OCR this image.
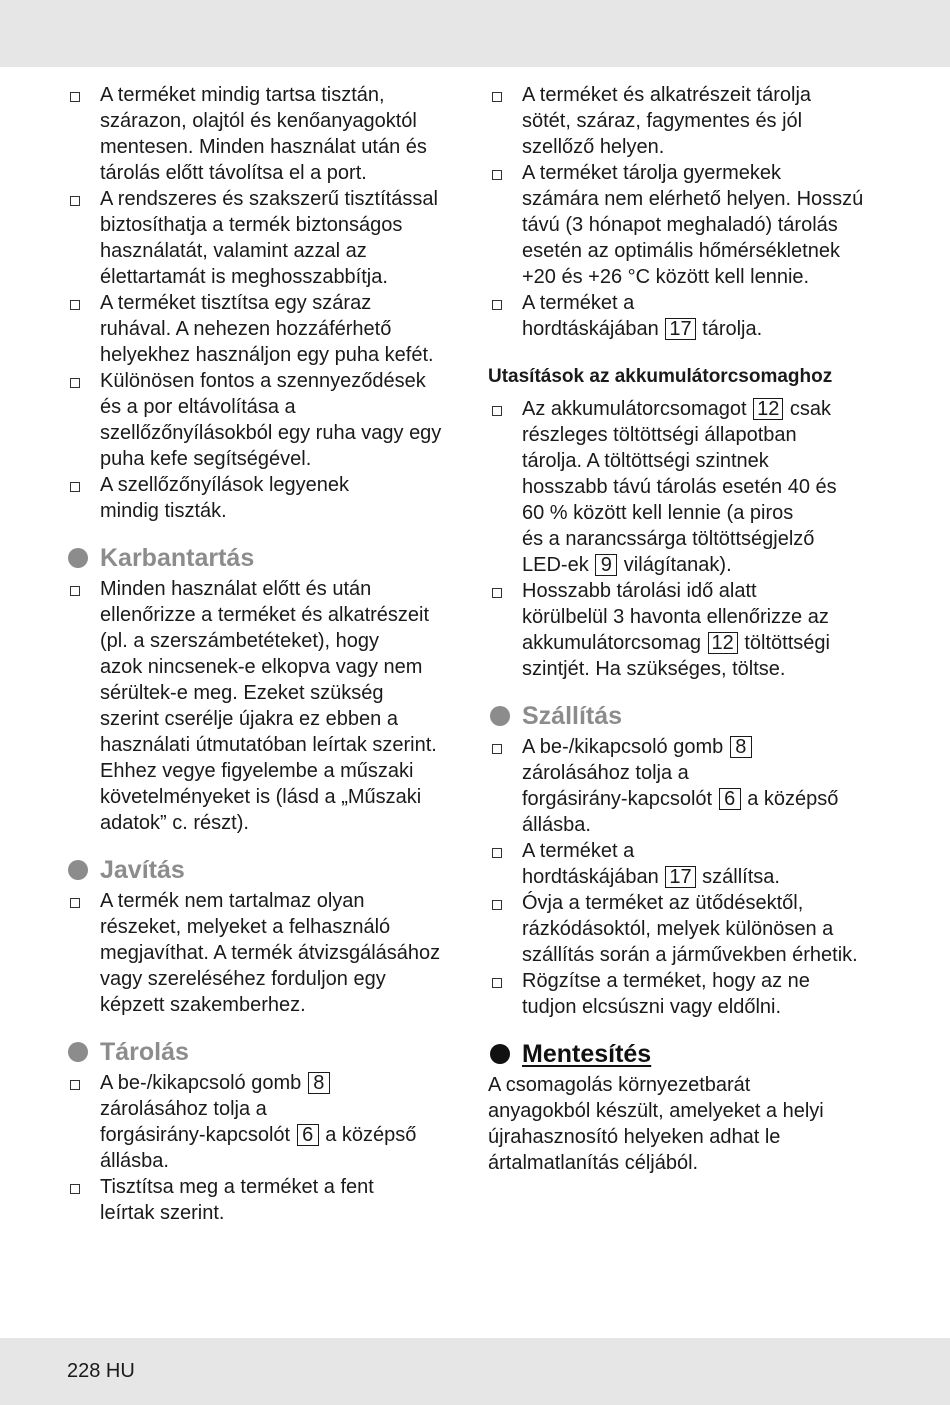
A terméket mindig tartsa tisztán,
szárazon, olajtól és kenőanyagoktól
mentesen. Minden használat után és
tárolás előtt távolítsa el a port.
A rendszeres és szakszerű tisztítással
biztosíthatja a termék biztonságos
használatát, valamint azzal az
élettartamát is meghosszabbítja.
A terméket tisztítsa egy száraz
ruhával. A nehezen hozzáférhető
helyekhez használjon egy puha kefét.
Különösen fontos a szennyeződések
és a por eltávolítása a
szellőzőnyílásokból egy ruha vagy egy
puha kefe segítségével.
A szellőzőnyílások legyenek
mindig tiszták.
Karbantartás
Minden használat előtt és után
ellenőrizze a terméket és alkatrészeit
(pl. a szerszámbetéteket), hogy
azok nincsenek-e elkopva vagy nem
sérültek-e meg. Ezeket szükség
szerint cserélje újakra ez ebben a
használati útmutatóban leírtak szerint.
Ehhez vegye figyelembe a műszaki
követelményeket is (lásd a „Műszaki
adatok” c. részt).
Javítás
A termék nem tartalmaz olyan
részeket, melyeket a felhasználó
megjavíthat. A termék átvizsgálásához
vagy szereléséhez forduljon egy
képzett szakemberhez.
Tárolás
A be-/kikapcsoló gomb 8
zárolásához tolja a
forgásirány-kapcsolót 6 a középső
állásba.
Tisztítsa meg a terméket a fent
leírtak szerint.
A terméket és alkatrészeit tárolja
sötét, száraz, fagymentes és jól
szellőző helyen.
A terméket tárolja gyermekek
számára nem elérhető helyen. Hosszú
távú (3 hónapot meghaladó) tárolás
esetén az optimális hőmérsékletnek
+20 és +26 °C között kell lennie.
A terméket a
hordtáskájában 17 tárolja.
Utasítások az akkumulátorcsomaghoz
Az akkumulátorcsomagot 12 csak
részleges töltöttségi állapotban
tárolja. A töltöttségi szintnek
hosszabb távú tárolás esetén 40 és
60 % között kell lennie (a piros
és a narancssárga töltöttségjelző
LED-ek 9 világítanak).
Hosszabb tárolási idő alatt
körülbelül 3 havonta ellenőrizze az
akkumulátorcsomag 12 töltöttségi
szintjét. Ha szükséges, töltse.
Szállítás
A be-/kikapcsoló gomb 8
zárolásához tolja a
forgásirány-kapcsolót 6 a középső
állásba.
A terméket a
hordtáskájában 17 szállítsa.
Óvja a terméket az ütődésektől,
rázkódásoktól, melyek különösen a
szállítás során a járművekben érhetik.
Rögzítse a terméket, hogy az ne
tudjon elcsúszni vagy eldőlni.
Mentesítés
A csomagolás környezetbarát
anyagokból készült, amelyeket a helyi
újrahasznosító helyeken adhat le
ártalmatlanítás céljából.
228 HU
